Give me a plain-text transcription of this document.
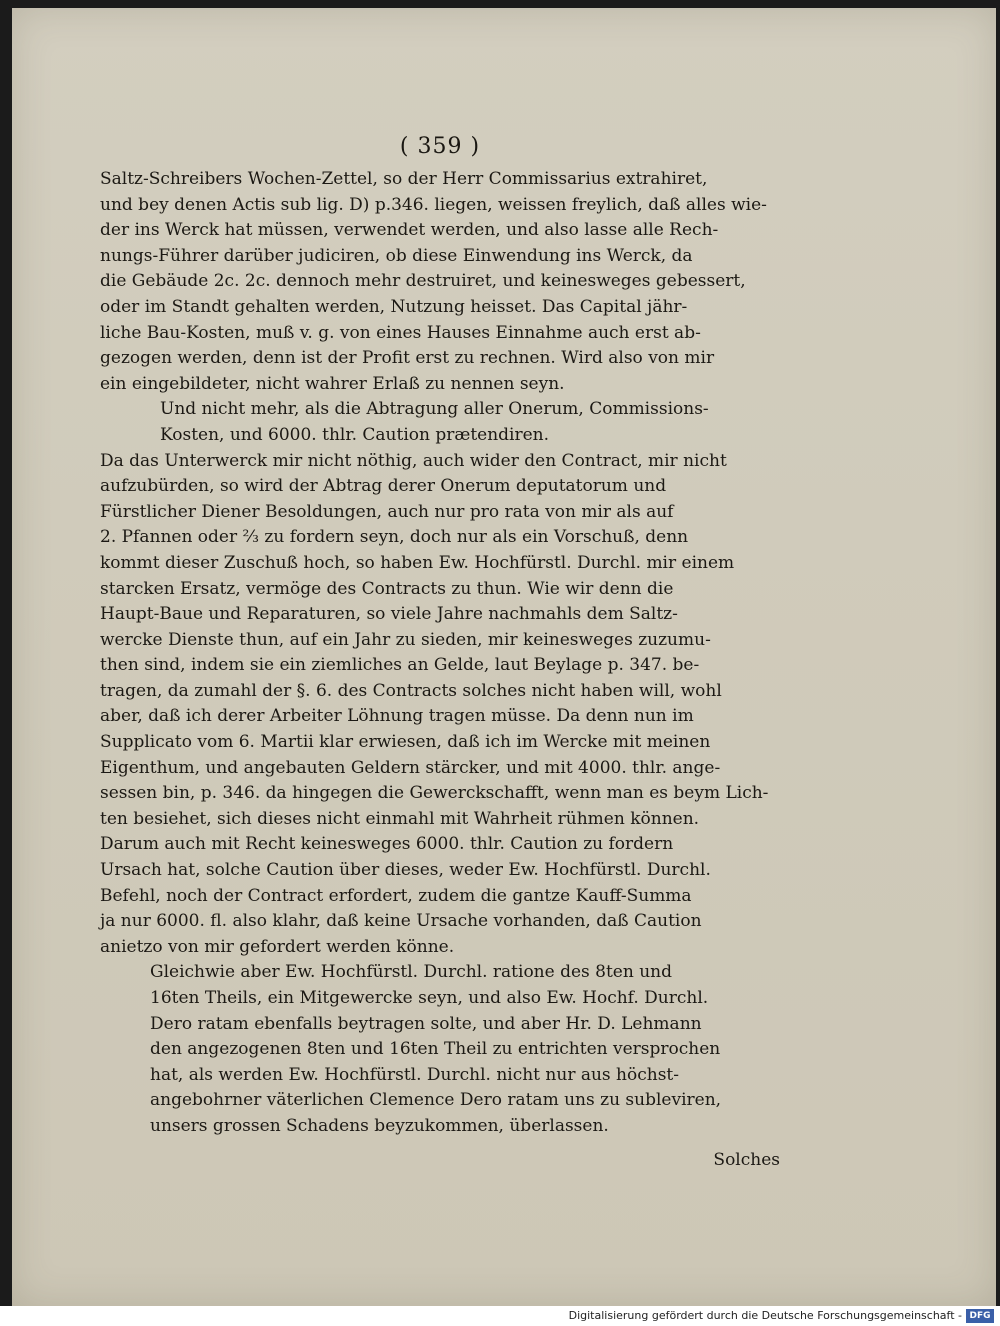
( 359 )
Saltz-Schreibers Wochen-Zettel, so der Herr Commissarius extrahiret,
und bey denen Actis sub lig. D) p.346. liegen, weissen freylich, daß alles wie-
der ins Werck hat müssen, verwendet werden, und also lasse alle Rech-
nungs-Führer darüber judiciren, ob diese Einwendung ins Werck, da
die Gebäude 2c. 2c. dennoch mehr destruiret, und keinesweges gebessert,
oder im Standt gehalten werden, Nutzung heisset. Das Capital jähr-
liche Bau-Kosten, muß v. g. von eines Hauses Einnahme auch erst ab-
gezogen werden, denn ist der Profit erst zu rechnen. Wird also von mir
ein eingebildeter, nicht wahrer Erlaß zu nennen seyn.
Und nicht mehr, als die Abtragung aller Onerum, Commissions-
Kosten, und 6000. thlr. Caution prætendiren.
Da das Unterwerck mir nicht nöthig, auch wider den Contract, mir nicht
aufzubürden, so wird der Abtrag derer Onerum deputatorum und
Fürstlicher Diener Besoldungen, auch nur pro rata von mir als auf
2. Pfannen oder ⅔ zu fordern seyn, doch nur als ein Vorschuß, denn
kommt dieser Zuschuß hoch, so haben Ew. Hochfürstl. Durchl. mir einem
starcken Ersatz, vermöge des Contracts zu thun. Wie wir denn die
Haupt-Baue und Reparaturen, so viele Jahre nachmahls dem Saltz-
wercke Dienste thun, auf ein Jahr zu sieden, mir keinesweges zuzumu-
then sind, indem sie ein ziemliches an Gelde, laut Beylage p. 347. be-
tragen, da zumahl der §. 6. des Contracts solches nicht haben will, wohl
aber, daß ich derer Arbeiter Löhnung tragen müsse. Da denn nun im
Supplicato vom 6. Martii klar erwiesen, daß ich im Wercke mit meinen
Eigenthum, und angebauten Geldern stärcker, und mit 4000. thlr. ange-
sessen bin, p. 346. da hingegen die Gewerckschafft, wenn man es beym Lich-
ten besiehet, sich dieses nicht einmahl mit Wahrheit rühmen können.
Darum auch mit Recht keinesweges 6000. thlr. Caution zu fordern
Ursach hat, solche Caution über dieses, weder Ew. Hochfürstl. Durchl.
Befehl, noch der Contract erfordert, zudem die gantze Kauff-Summa
ja nur 6000. fl. also klahr, daß keine Ursache vorhanden, daß Caution
anietzo von mir gefordert werden könne.
Gleichwie aber Ew. Hochfürstl. Durchl. ratione des 8ten und
16ten Theils, ein Mitgewercke seyn, und also Ew. Hochf. Durchl.
Dero ratam ebenfalls beytragen solte, und aber Hr. D. Lehmann
den angezogenen 8ten und 16ten Theil zu entrichten versprochen
hat, als werden Ew. Hochfürstl. Durchl. nicht nur aus höchst-
angebohrner väterlichen Clemence Dero ratam uns zu subleviren,
unsers grossen Schadens beyzukommen, überlassen.
Solches
Digitalisierung gefördert durch die Deutsche Forschungsgemeinschaft - DFG
